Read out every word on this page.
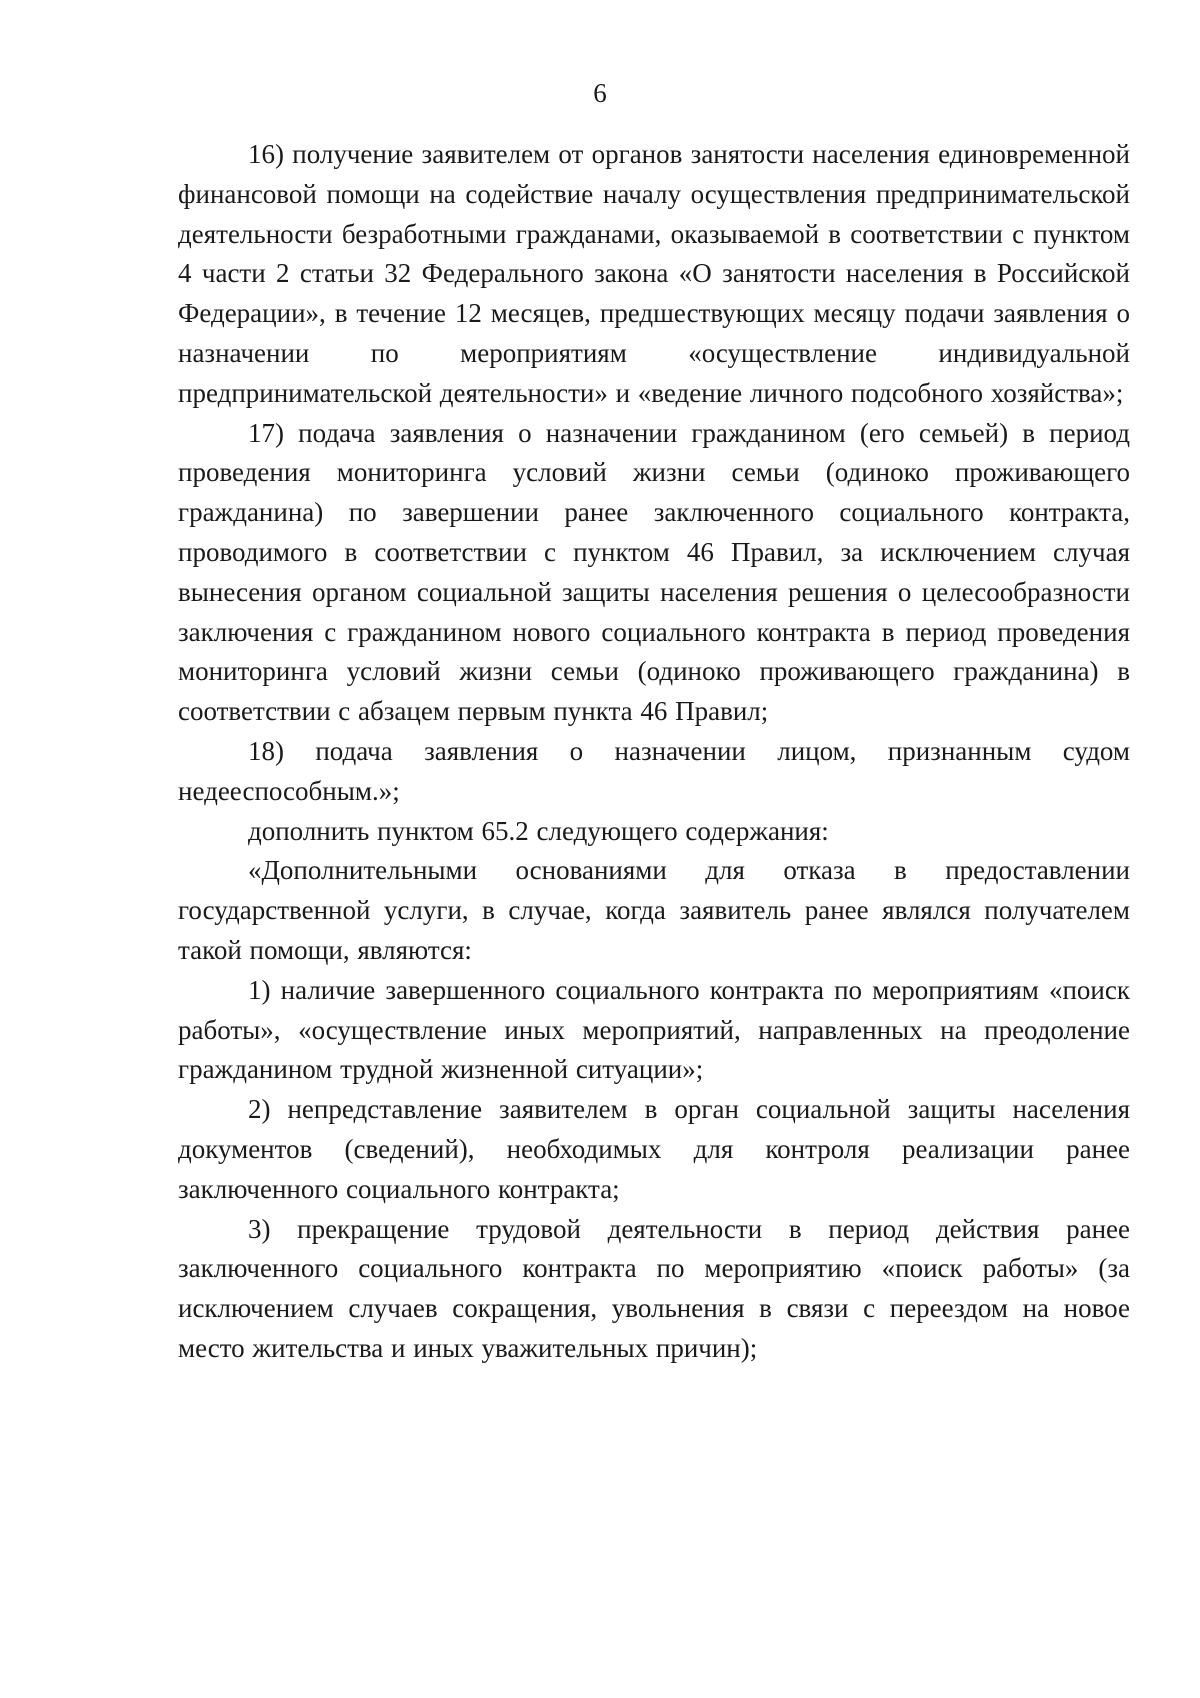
6

16) получение заявителем от органов занятости населения единовременной финансовой помощи на содействие началу осуществления предпринимательской деятельности безработными гражданами, оказываемой в соответствии с пунктом 4 части 2 статьи 32 Федерального закона «О занятости населения в Российской Федерации», в течение 12 месяцев, предшествующих месяцу подачи заявления о назначении по мероприятиям «осуществление индивидуальной предпринимательской деятельности» и «ведение личного подсобного хозяйства»;

17) подача заявления о назначении гражданином (его семьей) в период проведения мониторинга условий жизни семьи (одиноко проживающего гражданина) по завершении ранее заключенного социального контракта, проводимого в соответствии с пунктом 46 Правил, за исключением случая вынесения органом социальной защиты населения решения о целесообразности заключения с гражданином нового социального контракта в период проведения мониторинга условий жизни семьи (одиноко проживающего гражданина) в соответствии с абзацем первым пункта 46 Правил;

18) подача заявления о назначении лицом, признанным судом недееспособным.»;

дополнить пунктом 65.2 следующего содержания:

«Дополнительными основаниями для отказа в предоставлении государственной услуги, в случае, когда заявитель ранее являлся получателем такой помощи, являются:

1) наличие завершенного социального контракта по мероприятиям «поиск работы», «осуществление иных мероприятий, направленных на преодоление гражданином трудной жизненной ситуации»;

2) непредставление заявителем в орган социальной защиты населения документов (сведений), необходимых для контроля реализации ранее заключенного социального контракта;

3) прекращение трудовой деятельности в период действия ранее заключенного социального контракта по мероприятию «поиск работы» (за исключением случаев сокращения, увольнения в связи с переездом на новое место жительства и иных уважительных причин);
